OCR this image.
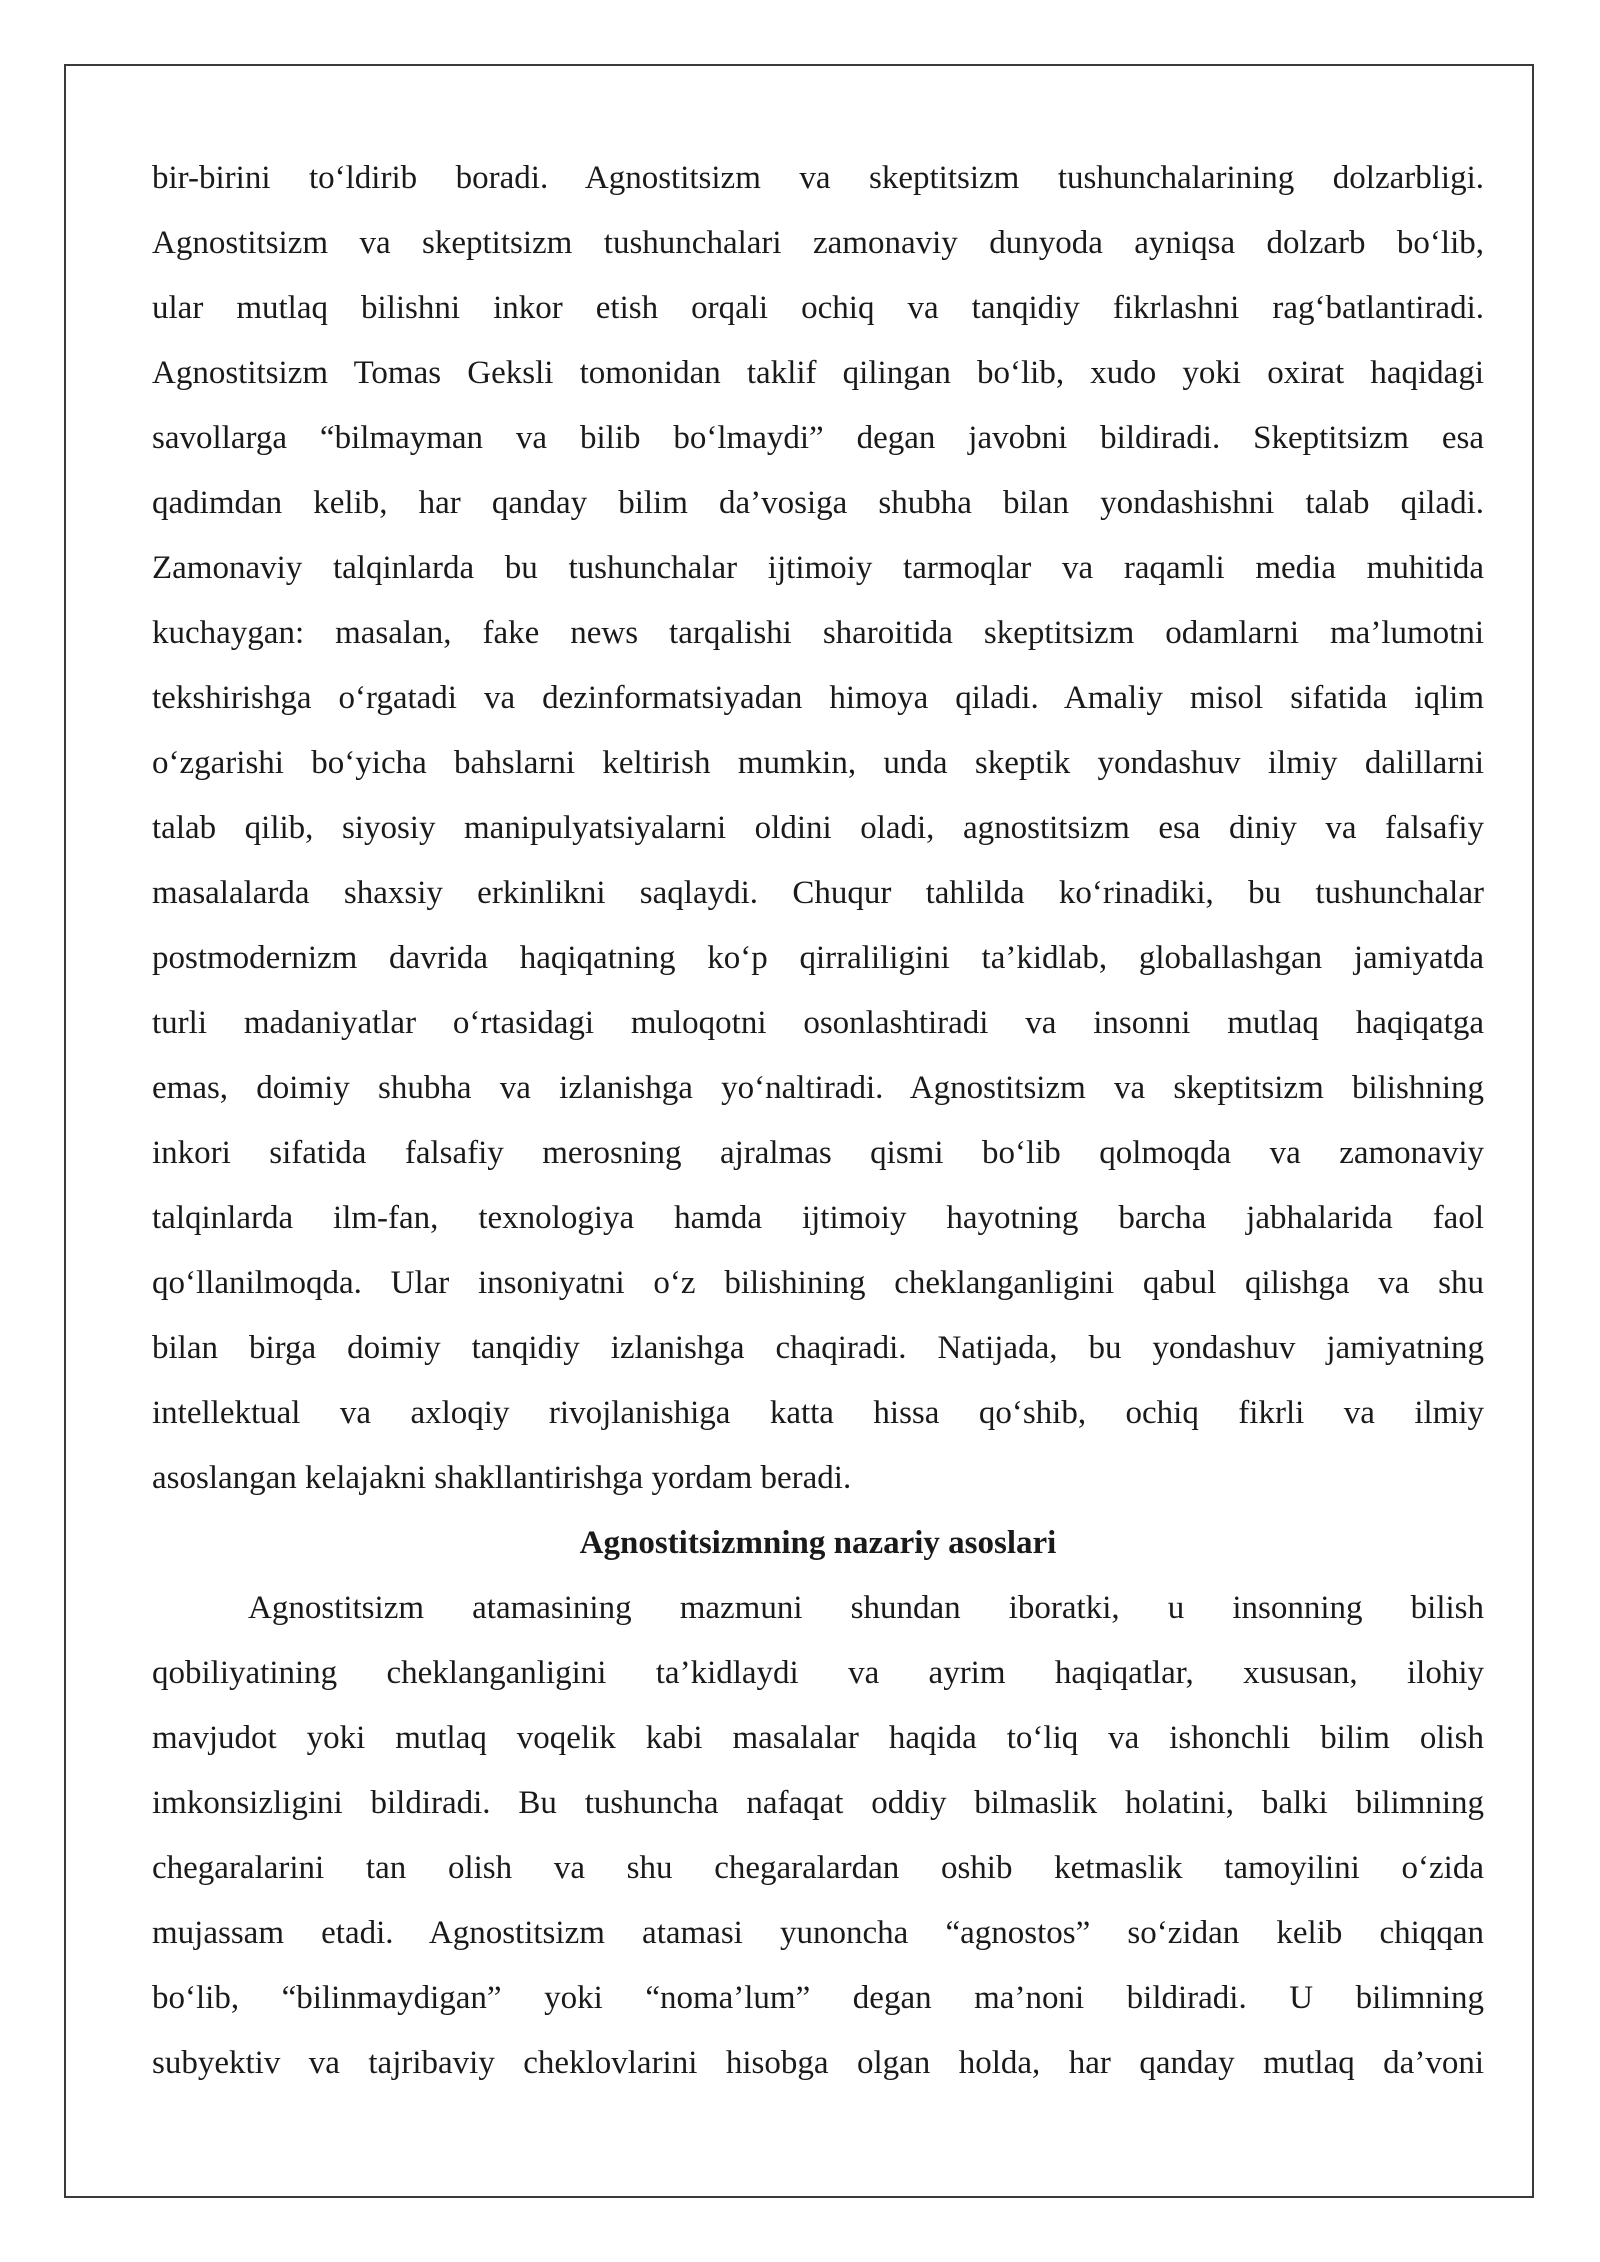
bir-birini to‘ldirib boradi. Agnostitsizm va skeptitsizm tushunchalarining dolzarbligi.
Agnostitsizm va skeptitsizm tushunchalari zamonaviy dunyoda ayniqsa dolzarb bo‘lib,
ular mutlaq bilishni inkor etish orqali ochiq va tanqidiy fikrlashni rag‘batlantiradi.
Agnostitsizm Tomas Geksli tomonidan taklif qilingan bo‘lib, xudo yoki oxirat haqidagi
savollarga “bilmayman va bilib bo‘lmaydi” degan javobni bildiradi. Skeptitsizm esa
qadimdan kelib, har qanday bilim da’vosiga shubha bilan yondashishni talab qiladi.
Zamonaviy talqinlarda bu tushunchalar ijtimoiy tarmoqlar va raqamli media muhitida
kuchaygan: masalan, fake news tarqalishi sharoitida skeptitsizm odamlarni ma’lumotni
tekshirishga o‘rgatadi va dezinformatsiyadan himoya qiladi. Amaliy misol sifatida iqlim
o‘zgarishi bo‘yicha bahslarni keltirish mumkin, unda skeptik yondashuv ilmiy dalillarni
talab qilib, siyosiy manipulyatsiyalarni oldini oladi, agnostitsizm esa diniy va falsafiy
masalalarda shaxsiy erkinlikni saqlaydi. Chuqur tahlilda ko‘rinadiki, bu tushunchalar
postmodernizm davrida haqiqatning ko‘p qirraliligini ta’kidlab, globallashgan jamiyatda
turli madaniyatlar o‘rtasidagi muloqotni osonlashtiradi va insonni mutlaq haqiqatga
emas, doimiy shubha va izlanishga yo‘naltiradi. Agnostitsizm va skeptitsizm bilishning
inkori sifatida falsafiy merosning ajralmas qismi bo‘lib qolmoqda va zamonaviy
talqinlarda ilm-fan, texnologiya hamda ijtimoiy hayotning barcha jabhalarida faol
qo‘llanilmoqda. Ular insoniyatni o‘z bilishining cheklanganligini qabul qilishga va shu
bilan birga doimiy tanqidiy izlanishga chaqiradi. Natijada, bu yondashuv jamiyatning
intellektual va axloqiy rivojlanishiga katta hissa qo‘shib, ochiq fikrli va ilmiy
asoslangan kelajakni shakllantirishga yordam beradi.
Agnostitsizmning nazariy asoslari
Agnostitsizm atamasining mazmuni shundan iboratki, u insonning bilish
qobiliyatining cheklanganligini ta’kidlaydi va ayrim haqiqatlar, xususan, ilohiy
mavjudot yoki mutlaq voqelik kabi masalalar haqida to‘liq va ishonchli bilim olish
imkonsizligini bildiradi. Bu tushuncha nafaqat oddiy bilmaslik holatini, balki bilimning
chegaralarini tan olish va shu chegaralardan oshib ketmaslik tamoyilini o‘zida
mujassam etadi. Agnostitsizm atamasi yunoncha “agnostos” so‘zidan kelib chiqqan
bo‘lib, “bilinmaydigan” yoki “noma’lum” degan ma’noni bildiradi. U bilimning
subyektiv va tajribaviy cheklovlarini hisobga olgan holda, har qanday mutlaq da’voni
